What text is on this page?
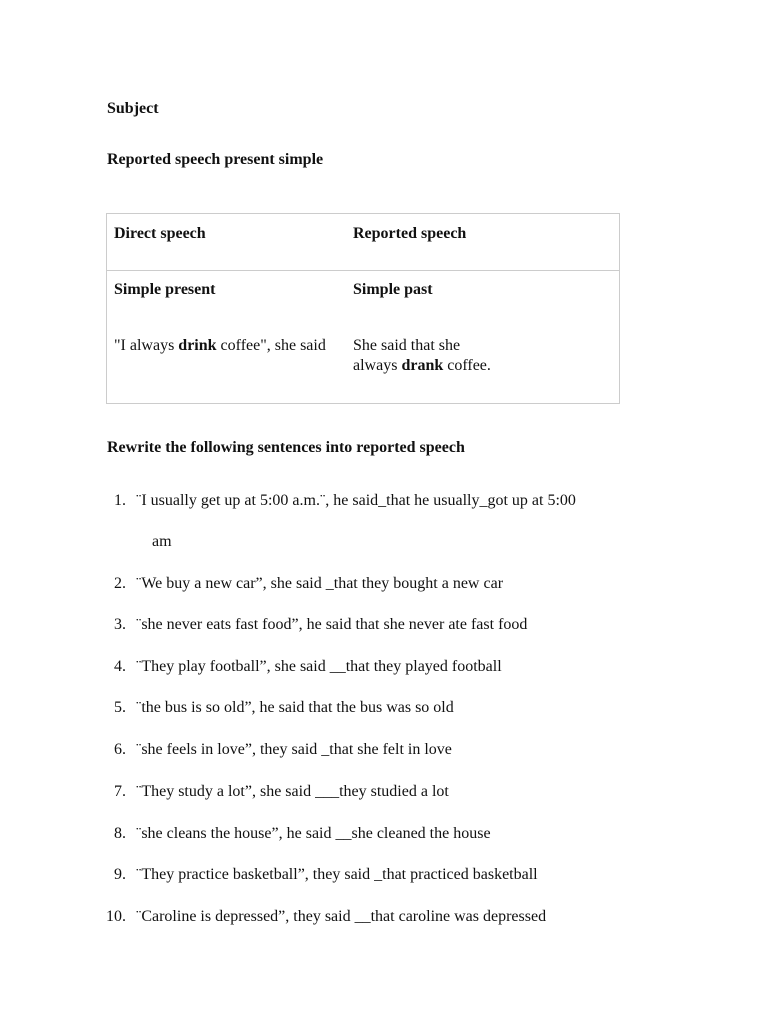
Subject

Reported speech present simple

Direct speech	Reported speech
Simple present	Simple past
"I always drink coffee", she said	She said that she
always drank coffee.

Rewrite the following sentences into reported speech

1. ¨I usually get up at 5:00 a.m.¨, he said_that he usually_got up at 5:00
am
2. ¨We buy a new car”, she said _that they bought a new car
3. ¨she never eats fast food”, he said that she never ate fast food
4. ¨They play football”, she said __that they played football
5. ¨the bus is so old”, he said that the bus was so old
6. ¨she feels in love”, they said _that she felt in love
7. ¨They study a lot”, she said ___they studied a lot
8. ¨she cleans the house”, he said __she cleaned the house
9. ¨They practice basketball”, they said _that practiced basketball
10. ¨Caroline is depressed”, they said __that caroline was depressed
